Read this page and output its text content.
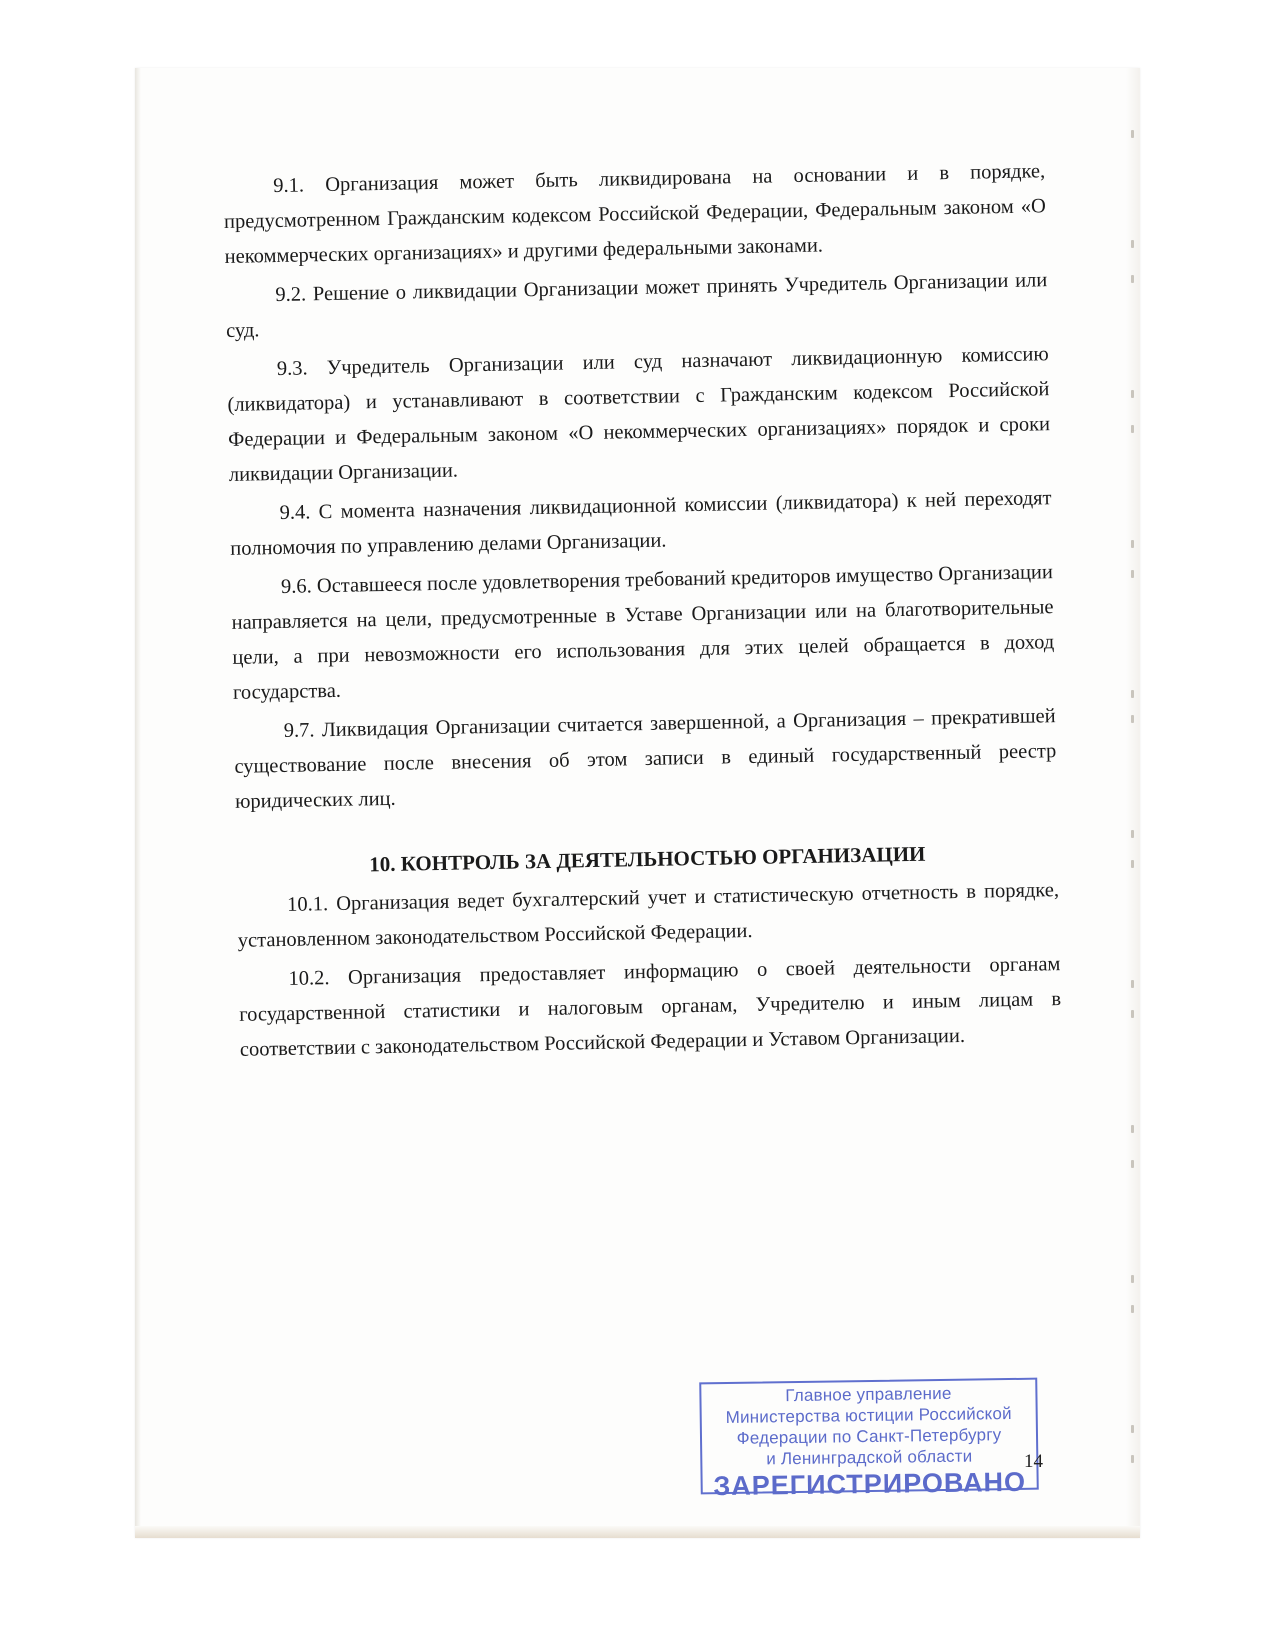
9.1. Организация может быть ликвидирована на основании и в порядке, предусмотренном Гражданским кодексом Российской Федерации, Федеральным законом «О некоммерческих организациях» и другими федеральными законами.

9.2. Решение о ликвидации Организации может принять Учредитель Организации или суд.

9.3. Учредитель Организации или суд назначают ликвидационную комиссию (ликвидатора) и устанавливают в соответствии с Гражданским кодексом Российской Федерации и Федеральным законом «О некоммерческих организациях» порядок и сроки ликвидации Организации.

9.4. С момента назначения ликвидационной комиссии (ликвидатора) к ней переходят полномочия по управлению делами Организации.

9.6. Оставшееся после удовлетворения требований кредиторов имущество Организации направляется на цели, предусмотренные в Уставе Организации или на благотворительные цели, а при невозможности его использования для этих целей обращается в доход государства.

9.7. Ликвидация Организации считается завершенной, а Организация – прекратившей существование после внесения об этом записи в единый государственный реестр юридических лиц.

10. КОНТРОЛЬ ЗА ДЕЯТЕЛЬНОСТЬЮ ОРГАНИЗАЦИИ

10.1. Организация ведет бухгалтерский учет и статистическую отчетность в порядке, установленном законодательством Российской Федерации.

10.2. Организация предоставляет информацию о своей деятельности органам государственной статистики и налоговым органам, Учредителю и иным лицам в соответствии с законодательством Российской Федерации и Уставом Организации.

Главное управление
Министерства юстиции Российской
Федерации по Санкт-Петербургу
и Ленинградской области
ЗАРЕГИСТРИРОВАНО
14
